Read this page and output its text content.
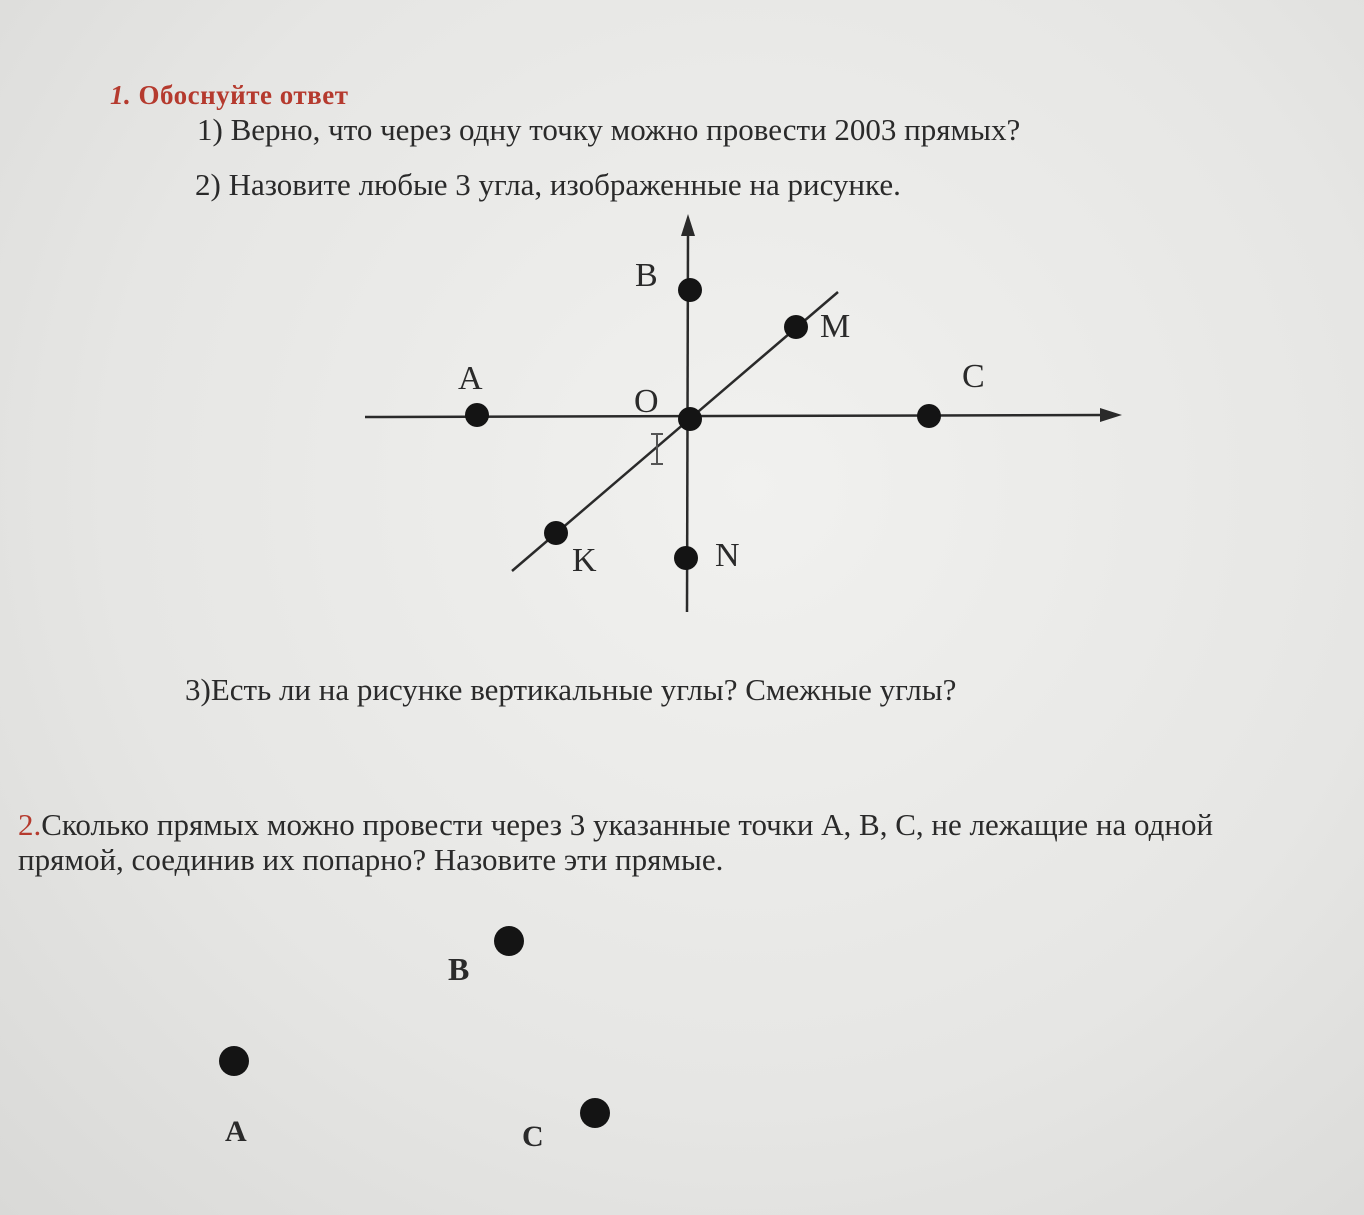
1. Обоснуйте ответ

1) Верно, что через одну точку можно провести 2003 прямых?

2) Назовите любые 3 угла, изображенные на рисунке.

B
M
A	C
O
K	N
B
A	C

3)Есть ли на рисунке вертикальные углы? Смежные углы?

2.Сколько прямых можно провести через 3 указанные точки А, В, С, не лежащие на одной

прямой, соединив их попарно? Назовите эти прямые.
